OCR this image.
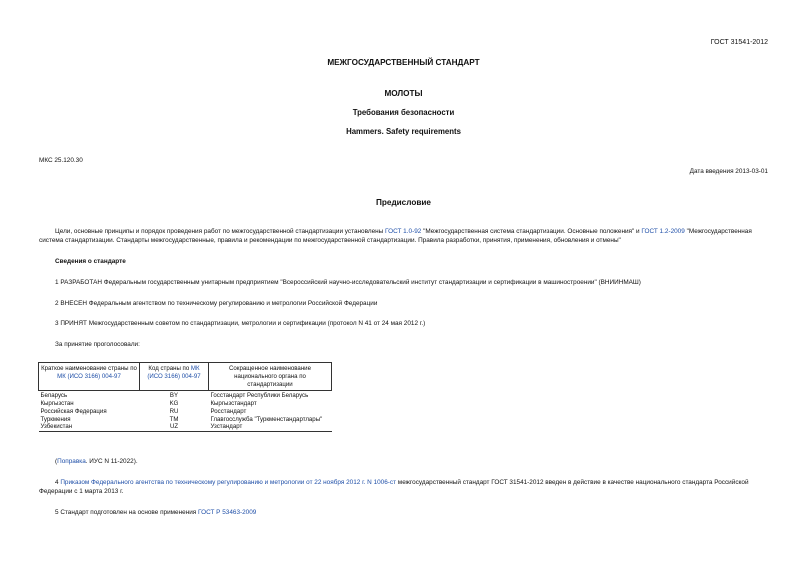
ГОСТ 31541-2012
МЕЖГОСУДАРСТВЕННЫЙ СТАНДАРТ
МОЛОТЫ
Требования безопасности
Hammers. Safety requirements
МКС 25.120.30
Дата введения 2013-03-01
Предисловие
Цели, основные принципы и порядок проведения работ по межгосударственной стандартизации установлены ГОСТ 1.0-92 "Межгосударственная система стандартизации. Основные положения" и ГОСТ 1.2-2009 "Межгосударственная система стандартизации. Стандарты межгосударственные, правила и рекомендации по межгосударственной стандартизации. Правила разработки, принятия, применения, обновления и отмены"
Сведения о стандарте
1 РАЗРАБОТАН Федеральным государственным унитарным предприятием "Всероссийский научно-исследовательский институт стандартизации и сертификации в машиностроении" (ВНИИНМАШ)
2 ВНЕСЕН Федеральным агентством по техническому регулированию и метрологии Российской Федерации
3 ПРИНЯТ Межгосударственным советом по стандартизации, метрологии и сертификации (протокол N 41 от 24 мая 2012 г.)
За принятие проголосовали:
Краткое наименование страны по МК (ИСО 3166) 004-97	Код страны по МК (ИСО 3166) 004-97	Сокращенное наименование национального органа по стандартизации
Беларусь	BY	Госстандарт Республики Беларусь
Кыргызстан	KG	Кыргызстандарт
Российская Федерация	RU	Росстандарт
Туркмения	TM	Главгосслужба "Туркменстандартлары"
Узбекистан	UZ	Узстандарт
(Поправка. ИУС N 11-2022).
4 Приказом Федерального агентства по техническому регулированию и метрологии от 22 ноября 2012 г. N 1006-ст межгосударственный стандарт ГОСТ 31541-2012 введен в действие в качестве национального стандарта Российской Федерации с 1 марта 2013 г.
5 Стандарт подготовлен на основе применения ГОСТ Р 53463-2009
